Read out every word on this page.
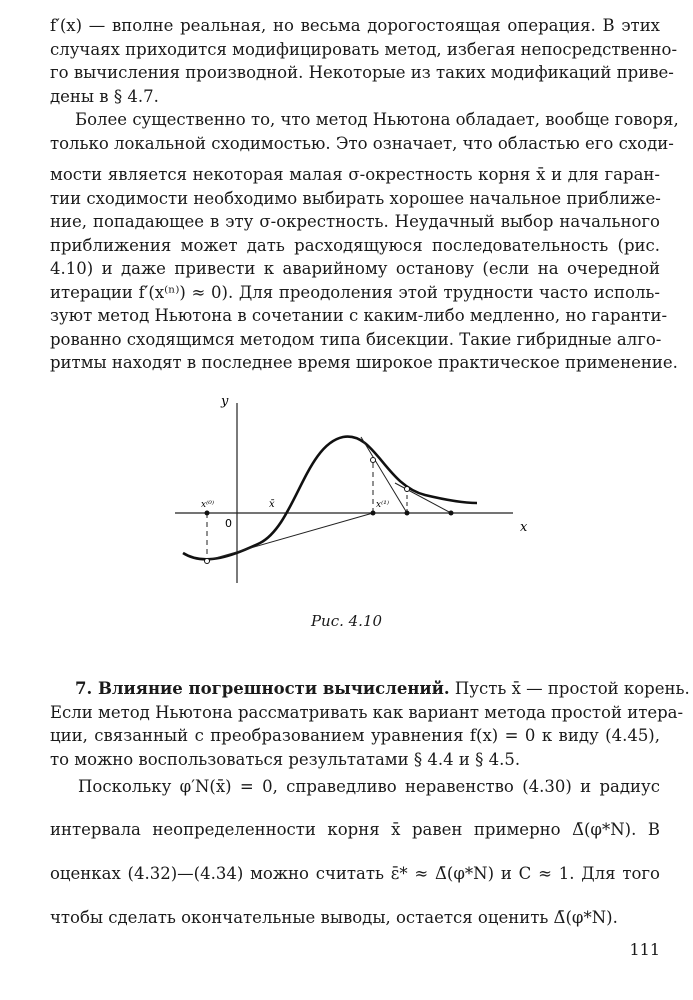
f′(x) — вполне реальная, но весьма дорогостоящая операция. В этих
случаях приходится модифицировать метод, избегая непосредственно-
го вычисления производной. Некоторые из таких модификаций приве-
дены в § 4.7.
Более существенно то, что метод Ньютона обладает, вообще говоря,
только локальной сходимостью. Это означает, что областью его сходи-
мости является некоторая малая σ-окрестность корня x̄ и для гаран-
тии сходимости необходимо выбирать хорошее начальное приближе-
ние, попадающее в эту σ-окрестность. Неудачный выбор начального
приближения может дать расходящуюся последовательность (рис.
4.10) и даже привести к аварийному останову (если на очередной
итерации f′(x⁽ⁿ⁾) ≈ 0). Для преодоления этой трудности часто исполь-
зуют метод Ньютона в сочетании с каким-либо медленно, но гаранти-
рованно сходящимся методом типа бисекции. Такие гибридные алго-
ритмы находят в последнее время широкое практическое применение.
y
x
0
x⁽⁰⁾	x̄	x⁽¹⁾
Рис. 4.10
7. Влияние погрешности вычислений. Пусть x̄ — простой корень.
Если метод Ньютона рассматривать как вариант метода простой итера-
ции, связанный с преобразованием уравнения f(x) = 0 к виду (4.45),
то можно воспользоваться результатами § 4.4 и § 4.5.
Поскольку φ′N(x̄) = 0, справедливо неравенство (4.30) и радиус
интервала неопределенности корня x̄ равен примерно Δ̄(φ*N). В
оценках (4.32)—(4.34) можно считать ε̄* ≈ Δ̄(φ*N) и C ≈ 1. Для того
чтобы сделать окончательные выводы, остается оценить Δ̄(φ*N).
111
